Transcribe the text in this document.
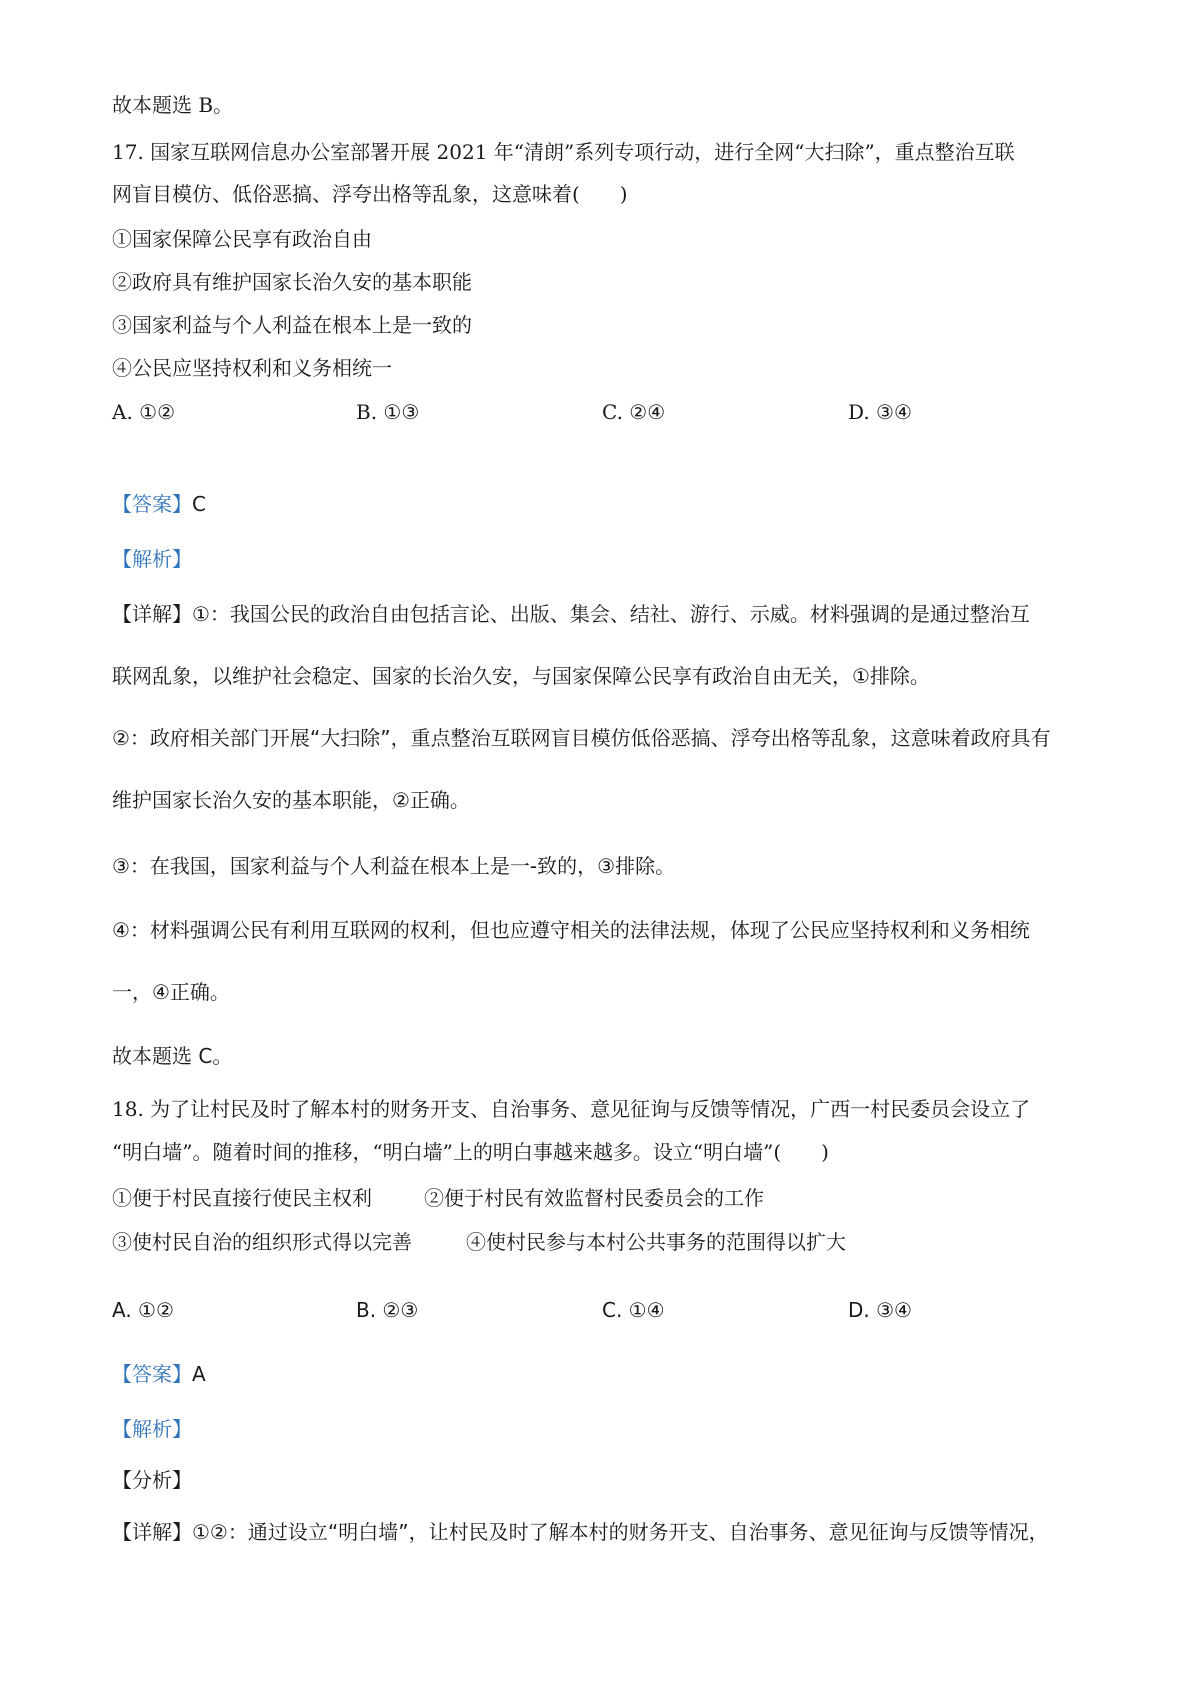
故本题选 B。
17. 国家互联网信息办公室部署开展 2021 年“清朗”系列专项行动，进行全网“大扫除”，重点整治互联
网盲目模仿、低俗恶搞、浮夸出格等乱象，这意味着(　　)
①国家保障公民享有政治自由
②政府具有维护国家长治久安的基本职能
③国家利益与个人利益在根本上是一致的
④公民应坚持权利和义务相统一
A. ①②	B. ①③	C. ②④	D. ③④
【答案】C
【解析】
【详解】①：我国公民的政治自由包括言论、出版、集会、结社、游行、示威。材料强调的是通过整治互
联网乱象，以维护社会稳定、国家的长治久安，与国家保障公民享有政治自由无关，①排除。
②：政府相关部门开展“大扫除”，重点整治互联网盲目模仿低俗恶搞、浮夸出格等乱象，这意味着政府具有
维护国家长治久安的基本职能，②正确。
③：在我国，国家利益与个人利益在根本上是一-致的，③排除。
④：材料强调公民有利用互联网的权利，但也应遵守相关的法律法规，体现了公民应坚持权利和义务相统
一，④正确。
故本题选 C。
18. 为了让村民及时了解本村的财务开支、自治事务、意见征询与反馈等情况，广西一村民委员会设立了
“明白墙”。随着时间的推移，“明白墙”上的明白事越来越多。设立“明白墙”(　　)
①便于村民直接行使民主权利	②便于村民有效监督村民委员会的工作
③使村民自治的组织形式得以完善	④使村民参与本村公共事务的范围得以扩大
A. ①②	B. ②③	C. ①④	D. ③④
【答案】A
【解析】
【分析】
【详解】①②：通过设立“明白墙”，让村民及时了解本村的财务开支、自治事务、意见征询与反馈等情况，
